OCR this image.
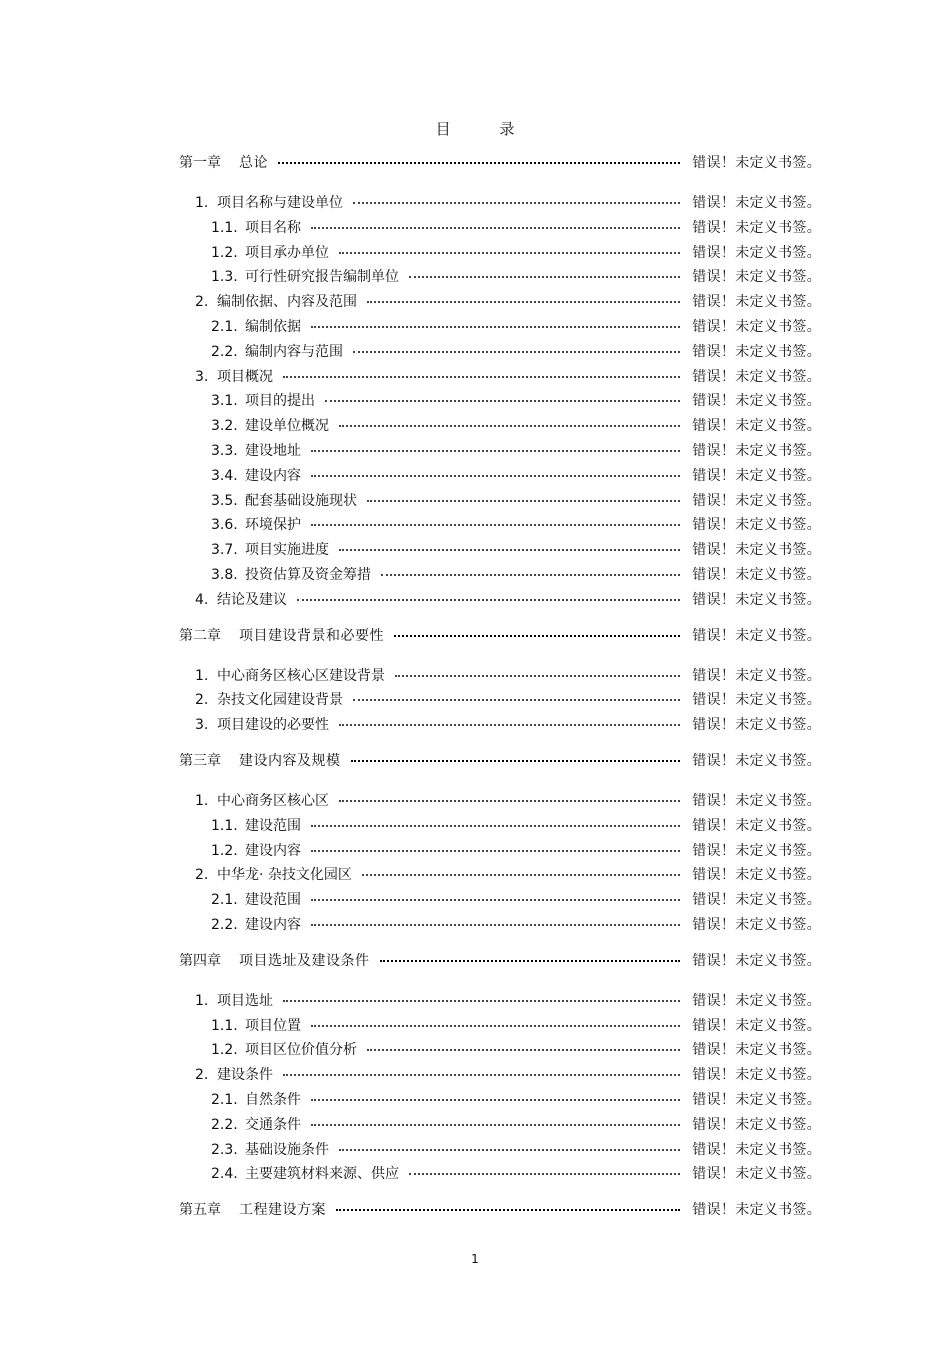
目 录
第一章	总论	错误！未定义书签。
1. 项目名称与建设单位	错误！未定义书签。
1.1. 项目名称	错误！未定义书签。
1.2. 项目承办单位	错误！未定义书签。
1.3. 可行性研究报告编制单位	错误！未定义书签。
2. 编制依据、内容及范围	错误！未定义书签。
2.1. 编制依据	错误！未定义书签。
2.2. 编制内容与范围	错误！未定义书签。
3. 项目概况	错误！未定义书签。
3.1. 项目的提出	错误！未定义书签。
3.2. 建设单位概况	错误！未定义书签。
3.3. 建设地址	错误！未定义书签。
3.4. 建设内容	错误！未定义书签。
3.5. 配套基础设施现状	错误！未定义书签。
3.6. 环境保护	错误！未定义书签。
3.7. 项目实施进度	错误！未定义书签。
3.8. 投资估算及资金筹措	错误！未定义书签。
4. 结论及建议	错误！未定义书签。
第二章	项目建设背景和必要性	错误！未定义书签。
1. 中心商务区核心区建设背景	错误！未定义书签。
2. 杂技文化园建设背景	错误！未定义书签。
3. 项目建设的必要性	错误！未定义书签。
第三章	建设内容及规模	错误！未定义书签。
1. 中心商务区核心区	错误！未定义书签。
1.1. 建设范围	错误！未定义书签。
1.2. 建设内容	错误！未定义书签。
2. 中华龙· 杂技文化园区	错误！未定义书签。
2.1. 建设范围	错误！未定义书签。
2.2. 建设内容	错误！未定义书签。
第四章	项目选址及建设条件	错误！未定义书签。
1. 项目选址	错误！未定义书签。
1.1. 项目位置	错误！未定义书签。
1.2. 项目区位价值分析	错误！未定义书签。
2. 建设条件	错误！未定义书签。
2.1. 自然条件	错误！未定义书签。
2.2. 交通条件	错误！未定义书签。
2.3. 基础设施条件	错误！未定义书签。
2.4. 主要建筑材料来源、供应	错误！未定义书签。
第五章	工程建设方案	错误！未定义书签。
1
